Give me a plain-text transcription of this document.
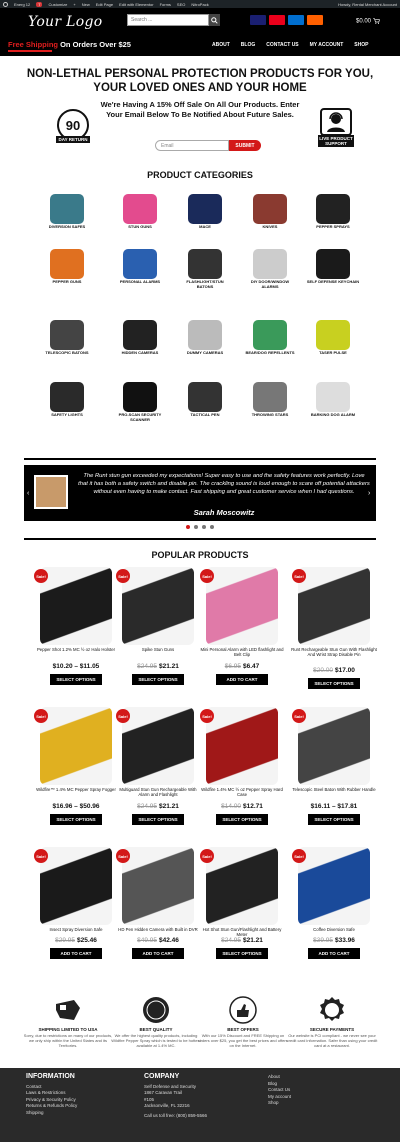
Energ 12	7	Customize + New Edit Page Edit with Elementor Forms SEO NitroPack	Howdy, Rental Merchant Account
Your Logo	Search ...	$0.00
Free Shipping On Orders Over $25	ABOUT BLOG CONTACT US MY ACCOUNT SHOP
NON-LETHAL PERSONAL PROTECTION PRODUCTS FOR YOU,
YOUR LOVED ONES AND YOUR HOME
90
DAY RETURN	LIVE PRODUCT SUPPORT
We're Having A 15% Off Sale On All Our Products. Enter Your Email Below To Be Notified About Future Sales.
Email	SUBMIT
PRODUCT CATEGORIES
DIVERSION SAFES	STUN GUNS	MACE	KNIVES	PEPPER SPRAYS
PEPPER GUNS	PERSONAL ALARMS	FLASHLIGHT/STUN BATONS
DIY DOOR/WINDOW ALARMS
SELF DEFENSE KEYCHAIN
TELESCOPIC BATONS	HIDDEN CAMERAS	DUMMY CAMERAS	BEAR/DOG REPELLENTS	TASER PULSE
SAFETY LIGHTS	PRO-SCAN SECURITY SCANNER
TACTICAL PEN	THROWING STARS	BARKING DOG ALARM
The Runt stun gun exceeded my expectations! Super easy to use and the safety features work perfectly. Love that it has both a safety switch and disable pin. The crackling sound is loud enough to scare off potential attackers without even having to make contact. Fast shipping and great customer service when I had questions.
Sarah Moscowitz
‹	›
POPULAR PRODUCTS
Sale!
Pepper Shot 1.2% MC ½ oz Halo Holster
$10.20 – $11.05
SELECT OPTIONS
Sale!
Spike Stun Guns
$24.95 $21.21
SELECT OPTIONS
Sale!
Mini Personal Alarm with LED flashlight and Belt Clip
$6.95 $6.47
ADD TO CART
Sale!
Runt Rechargeable Stun Gun With Flashlight And Wrist Strap Disable Pin
$20.00 $17.00
SELECT OPTIONS
Sale!
Wildfire™ 1.4% MC Pepper Spray Fogger
$16.96 – $50.96
SELECT OPTIONS
Sale!
Multiguard Stun Gun Rechargeable With Alarm and Flashlight
$24.95 $21.21
SELECT OPTIONS
Sale!
Wildfire 1.4% MC ½ oz Pepper Spray Hard Case
$14.00 $12.71
SELECT OPTIONS
Sale!
Telescopic Steel Baton With Rubber Handle
$16.11 – $17.81
SELECT OPTIONS
Sale!
Insect Spray Diversion Safe
$29.95 $25.46
ADD TO CART
Sale!
HD Pen Hidden Camera with Built in DVR
$49.95 $42.46
ADD TO CART
Sale!
Hot Shot Stun Gun/Flashlight and Battery Meter
$24.95 $21.21
SELECT OPTIONS
Sale!
Coffee Diversion Safe
$39.95 $33.96
ADD TO CART
SHIPPING LIMITED TO USA
Sorry, due to restrictions on many of our products, we only ship within the United States and its Territories.
BEST QUALITY
We offer the highest quality products, including Wildfire Pepper Spray which is tested to be hottest available at 1.4% MC.
BEST OFFERS
With our 15% Discount and FREE Shipping on orders over $25, you get the best prices and offers on the Internet.
SECURE PAYMENTS
Our website is PCI compliant - we never see your credit card information. Safer than using your credit card at a restaurant.
INFORMATION
Contact
Laws & Restrictions
Privacy & Security Policy
Returns & Refunds Policy
Shipping
COMPANY
Self Defense and Security
1867 Caravan Trail
#105
Jacksonville, FL 32216
Call us toll free: (800) 859-5566
About
Blog
Contact Us
My account
Shop
